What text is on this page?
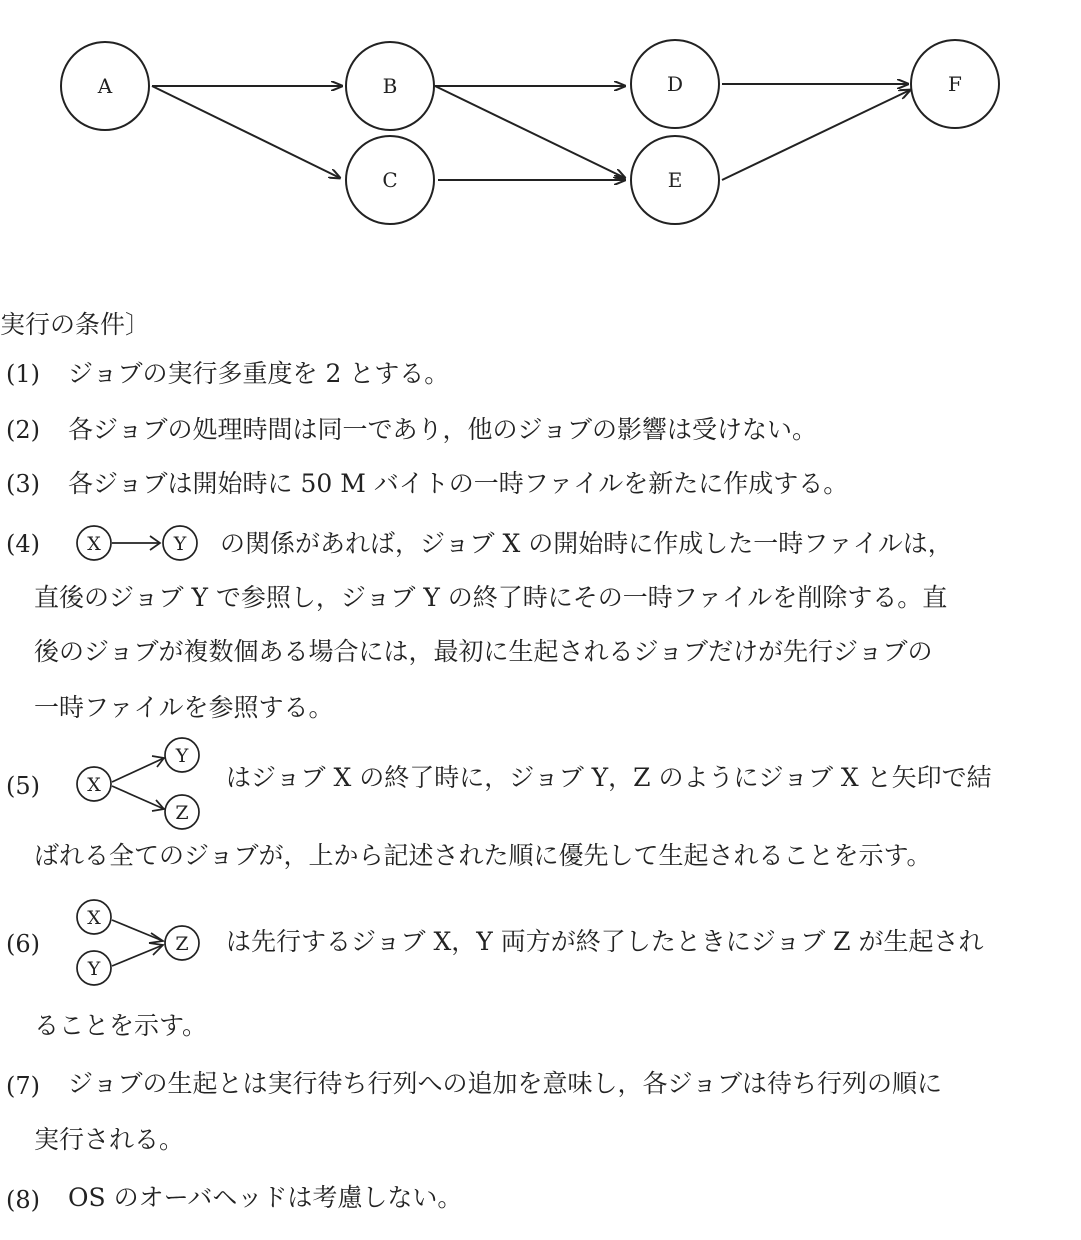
A	B
C
D
E
F
実行の条件〕
(1) ジョブの実行多重度を 2 とする。
(2) 各ジョブの処理時間は同一であり，他のジョブの影響は受けない。
(3) 各ジョブは開始時に 50 M バイトの一時ファイルを新たに作成する。
(4) X	Y の関係があれば，ジョブ X の開始時に作成した一時ファイルは，
直後のジョブ Y で参照し，ジョブ Y の終了時にその一時ファイルを削除する。直
後のジョブが複数個ある場合には，最初に生起されるジョブだけが先行ジョブの
一時ファイルを参照する。
(5) X
Y
Z
はジョブ X の終了時に，ジョブ Y，Z のようにジョブ X と矢印で結
ばれる全てのジョブが，上から記述された順に優先して生起されることを示す。
(6)
X
Y
Z は先行するジョブ X，Y 両方が終了したときにジョブ Z が生起され
ることを示す。
(7) ジョブの生起とは実行待ち行列への追加を意味し，各ジョブは待ち行列の順に
実行される。
(8) OS のオーバヘッドは考慮しない。
